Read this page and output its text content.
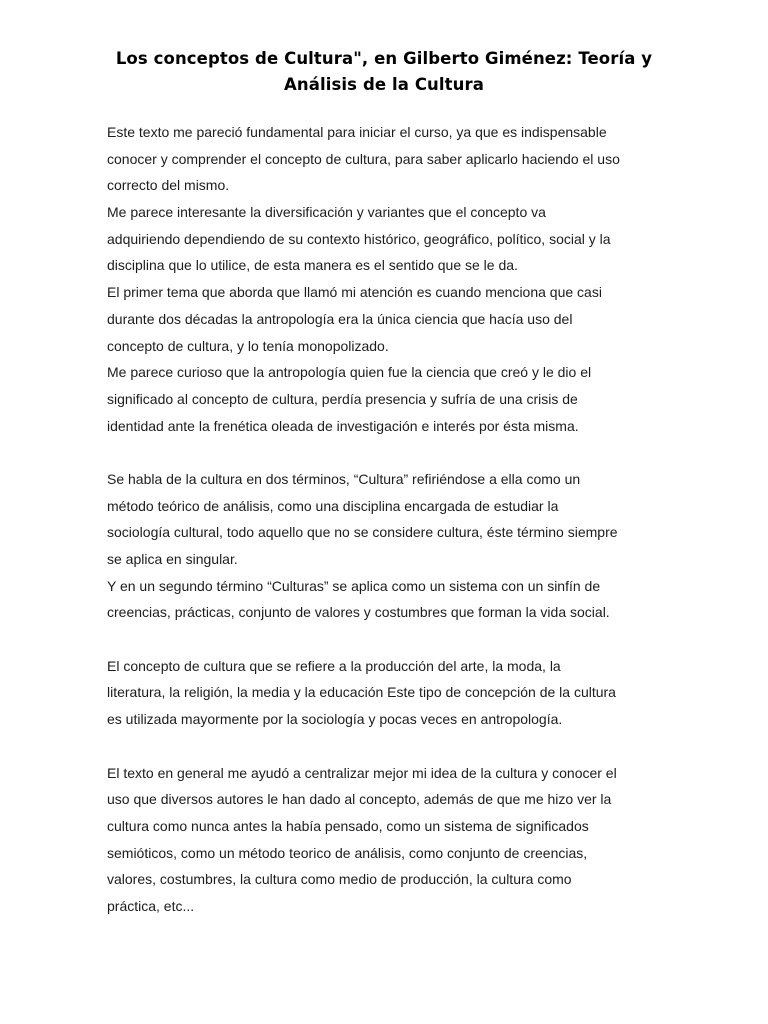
Los conceptos de Cultura", en Gilberto Giménez: Teoría y
Análisis de la Cultura
Este texto me pareció fundamental para iniciar el curso, ya que es indispensable
conocer y comprender el concepto de cultura, para saber aplicarlo haciendo el uso
correcto del mismo.
Me parece interesante la diversificación y variantes que el concepto va
adquiriendo dependiendo de su contexto histórico, geográfico, político, social y la
disciplina que lo utilice, de esta manera es el sentido que se le da.
El primer tema que aborda que llamó mi atención es cuando menciona que casi
durante dos décadas la antropología era la única ciencia que hacía uso del
concepto de cultura, y lo tenía monopolizado.
Me parece curioso que la antropología quien fue la ciencia que creó y le dio el
significado al concepto de cultura, perdía presencia y sufría de una crisis de
identidad ante la frenética oleada de investigación e interés por ésta misma.
Se habla de la cultura en dos términos, “Cultura” refiriéndose a ella como un
método teórico de análisis, como una disciplina encargada de estudiar la
sociología cultural, todo aquello que no se considere cultura, éste término siempre
se aplica en singular.
Y en un segundo término “Culturas” se aplica como un sistema con un sinfín de
creencias, prácticas, conjunto de valores y costumbres que forman la vida social.
El concepto de cultura que se refiere a la producción del arte, la moda, la
literatura, la religión, la media y la educación Este tipo de concepción de la cultura
es utilizada mayormente por la sociología y pocas veces en antropología.
El texto en general me ayudó a centralizar mejor mi idea de la cultura y conocer el
uso que diversos autores le han dado al concepto, además de que me hizo ver la
cultura como nunca antes la había pensado, como un sistema de significados
semióticos, como un método teorico de análisis, como conjunto de creencias,
valores, costumbres, la cultura como medio de producción, la cultura como
práctica, etc...
